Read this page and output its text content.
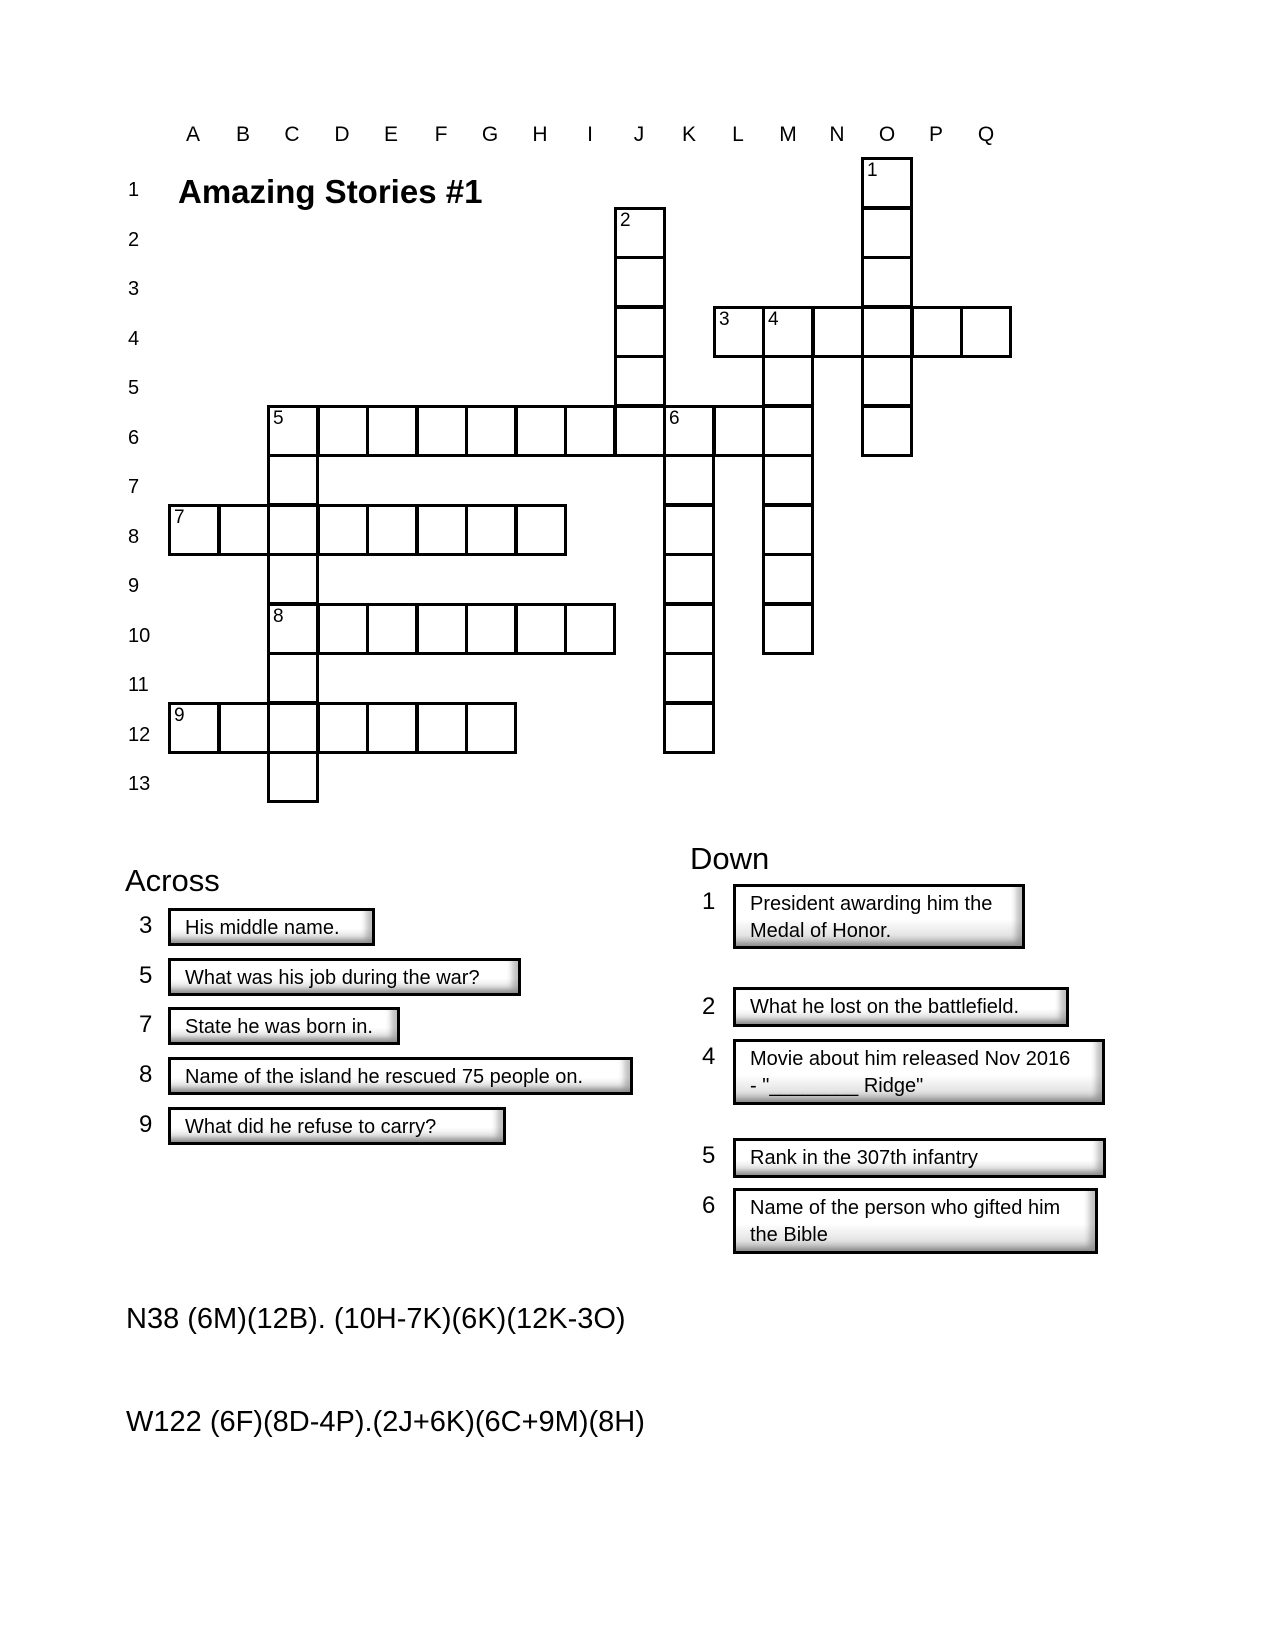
A B C D E F G H	I	J K L M N O P Q
1
2
3
4
5
6
7
8
9
10
11
12
13
Amazing Stories #1
1
2
3 4
5	6
7
8
9
Across
3	His middle name.
5	What was his job during the war?
7	State he was born in.
8	Name of the island he rescued 75 people on.
9	What did he refuse to carry?
Down
1	President awarding him the
Medal of Honor.
2	What he lost on the battlefield.
4	Movie about him released Nov 2016
- "________ Ridge"
5	Rank in the 307th infantry
6	Name of the person who gifted him
the Bible
N38 (6M)(12B). (10H-7K)(6K)(12K-3O)
W122 (6F)(8D-4P).(2J+6K)(6C+9M)(8H)
